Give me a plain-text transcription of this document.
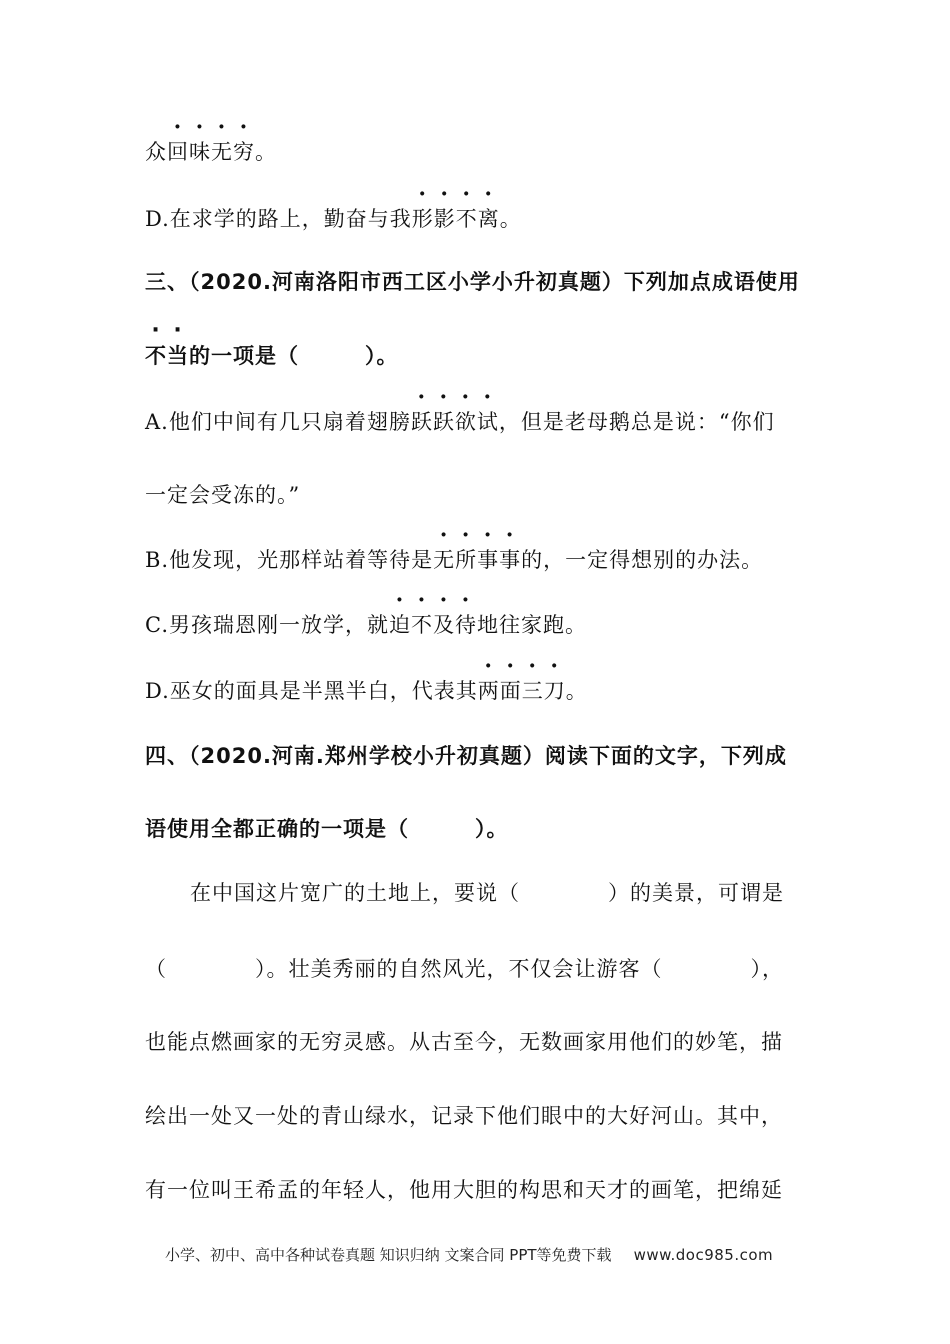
众回味无穷。
D.在求学的路上，勤奋与我形影不离。
三、（2020.河南洛阳市西工区小学小升初真题）下列加点成语使用
不当的一项是（　　　）。
A.他们中间有几只扇着翅膀跃跃欲试，但是老母鹅总是说：“你们
一定会受冻的。”
B.他发现，光那样站着等待是无所事事的，一定得想别的办法。
C.男孩瑞恩刚一放学，就迫不及待地往家跑。
D.巫女的面具是半黑半白，代表其两面三刀。
四、（2020.河南.郑州学校小升初真题）阅读下面的文字，下列成
语使用全都正确的一项是（　　　）。
在中国这片宽广的土地上，要说（　　　　）的美景，可谓是
（　　　　）。壮美秀丽的自然风光，不仅会让游客（　　　　），
也能点燃画家的无穷灵感。从古至今，无数画家用他们的妙笔，描
绘出一处又一处的青山绿水，记录下他们眼中的大好河山。其中，
有一位叫王希孟的年轻人，他用大胆的构思和天才的画笔，把绵延
小学、初中、高中各种试卷真题 知识归纳 文案合同 PPT等免费下载 www.doc985.com
